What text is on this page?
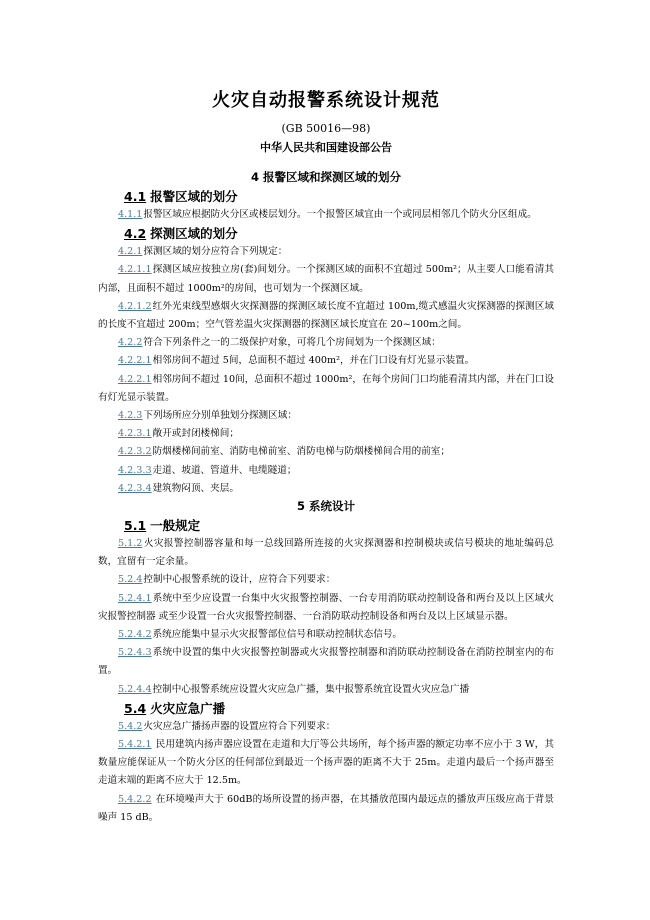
火灾自动报警系统设计规范

(GB 50016—98)

中华人民共和国建设部公告

4 报警区域和探测区域的划分
4.1 报警区域的划分

4.1.1报警区域应根据防火分区或楼层划分。一个报警区域宜由一个或同层相邻几个防火分区组成。

4.2 探测区域的划分

4.2.1探测区域的划分应符合下列规定：

4.2.1.1探测区域应按独立房(套)间划分。一个探测区域的面积不宜超过 500m²；从主要人口能看清其内部，且面积不超过 1000m²的房间，也可划为一个探测区域。

4.2.1.2红外光束线型感烟火灾探测器的探测区域长度不宜超过 100m,缆式感温火灾探测器的探测区域的长度不宜超过 200m；空气管差温火灾探测器的探测区域长度宜在 20~100m之间。

4.2.2符合下列条件之一的二级保护对象，可将几个房间划为一个探测区域：

4.2.2.1相邻房间不超过 5间，总面积不超过 400m²，并在门口设有灯光显示装置。

4.2.2.1相邻房间不超过 10间，总面积不超过 1000m²，在每个房间门口均能看清其内部，并在门口设有灯光显示装置。

4.2.3下列场所应分别单独划分探测区域：

4.2.3.1敞开或封闭楼梯间；

4.2.3.2防烟楼梯间前室、消防电梯前室、消防电梯与防烟楼梯间合用的前室；

4.2.3.3走道、坡道、管道井、电缆隧道；

4.2.3.4建筑物闷顶、夹层。

5 系统设计
5.1 一般规定

5.1.2火灾报警控制器容量和每一总线回路所连接的火灾探测器和控制模块或信号模块的地址编码总数，宜留有一定余量。

5.2.4控制中心报警系统的设计，应符合下列要求：

5.2.4.1系统中至少应设置一台集中火灾报警控制器、一台专用消防联动控制设备和两台及以上区域火灾报警控制器 或至少设置一台火灾报警控制器、一台消防联动控制设备和两台及以上区域显示器。

5.2.4.2系统应能集中显示火灾报警部位信号和联动控制状态信号。

5.2.4.3系统中设置的集中火灾报警控制器或火灾报警控制器和消防联动控制设备在消防控制室内的布置。

5.2.4.4控制中心报警系统应设置火灾应急广播，集中报警系统宜设置火灾应急广播

5.4 火灾应急广播

5.4.2火灾应急广播扬声器的设置应符合下列要求：

5.4.2.1 民用建筑内扬声器应设置在走道和大厅等公共场所，每个扬声器的额定功率不应小于 3 W，其数量应能保证从一个防火分区的任何部位到最近一个扬声器的距离不大于 25m。走道内最后一个扬声器至走道末端的距离不应大于 12.5m。

5.4.2.2 在环境噪声大于 60dB的场所设置的扬声器，在其播放范围内最远点的播放声压级应高于背景噪声 15 dB。
